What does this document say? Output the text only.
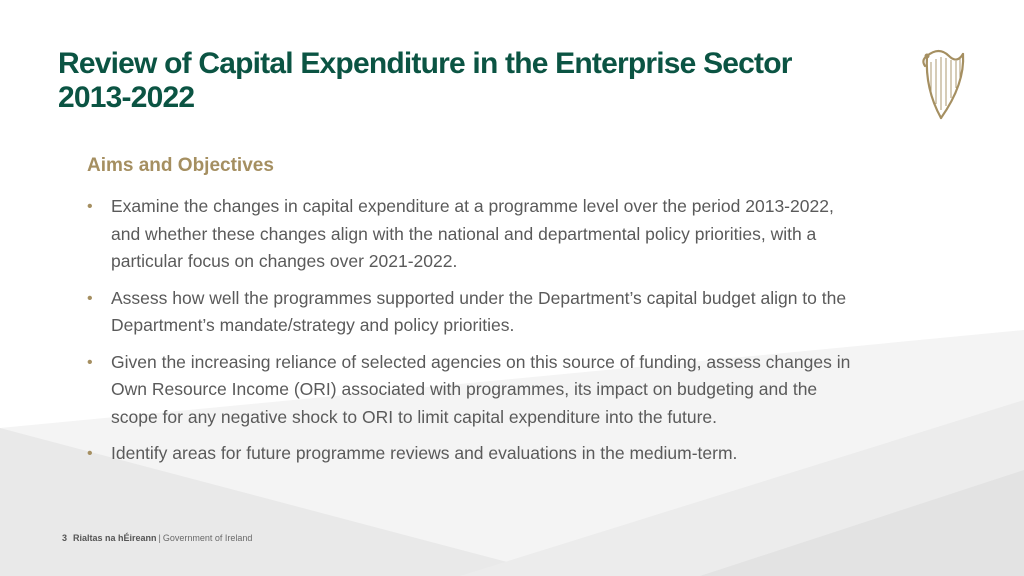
Review of Capital Expenditure in the Enterprise Sector
2013-2022
Aims and Objectives
• Examine the changes in capital expenditure at a programme level over the period 2013-2022, and whether these changes align with the national and departmental policy priorities, with a particular focus on changes over 2021-2022.
• Assess how well the programmes supported under the Department’s capital budget align to the Department’s mandate/strategy and policy priorities.
• Given the increasing reliance of selected agencies on this source of funding, assess changes in Own Resource Income (ORI) associated with programmes, its impact on budgeting and the scope for any negative shock to ORI to limit capital expenditure into the future.
• Identify areas for future programme reviews and evaluations in the medium-term.
3 Rialtas na hÉireann | Government of Ireland
